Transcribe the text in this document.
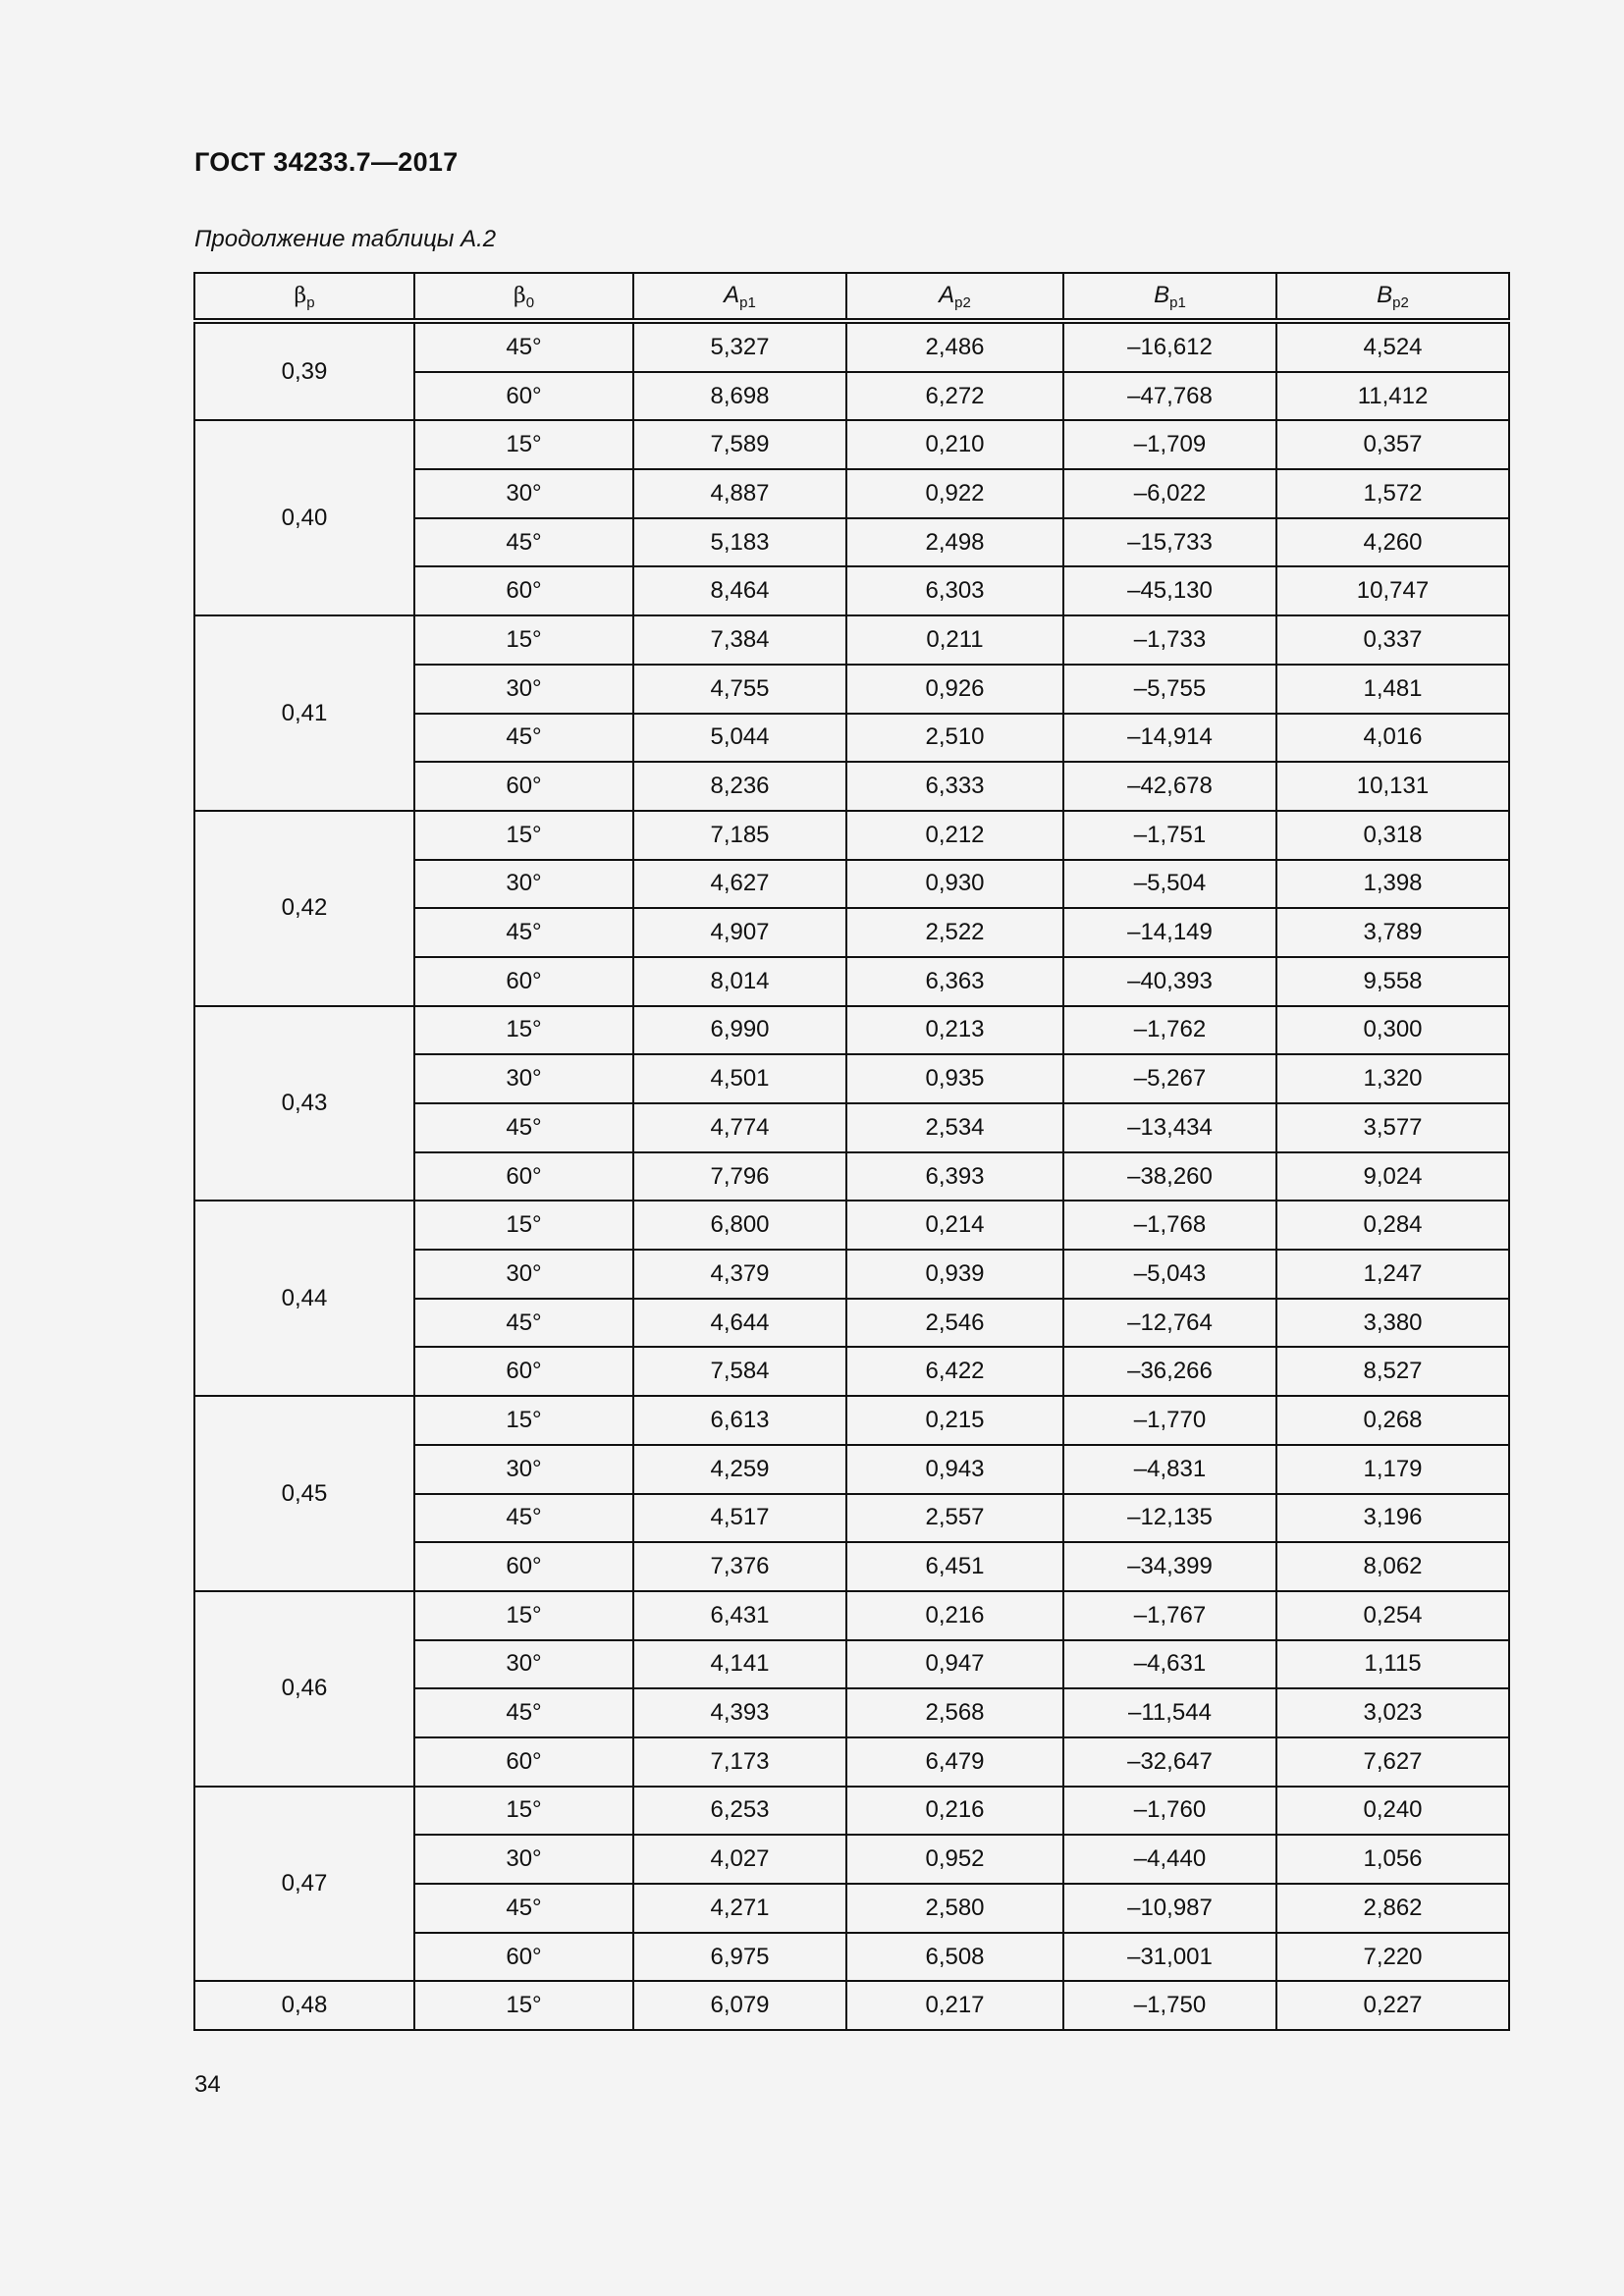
ГОСТ 34233.7—2017
Продолжение таблицы А.2
$\beta_p$	$\beta_0$	$A_{p1}$	$A_{p2}$	$B_{p1}$	$B_{p2}$
0,39	45°	5,327	2,486	–16,612	4,524
	60°	8,698	6,272	–47,768	11,412
0,40	15°	7,589	0,210	–1,709	0,357
	30°	4,887	0,922	–6,022	1,572
	45°	5,183	2,498	–15,733	4,260
	60°	8,464	6,303	–45,130	10,747
0,41	15°	7,384	0,211	–1,733	0,337
	30°	4,755	0,926	–5,755	1,481
	45°	5,044	2,510	–14,914	4,016
	60°	8,236	6,333	–42,678	10,131
0,42	15°	7,185	0,212	–1,751	0,318
	30°	4,627	0,930	–5,504	1,398
	45°	4,907	2,522	–14,149	3,789
	60°	8,014	6,363	–40,393	9,558
0,43	15°	6,990	0,213	–1,762	0,300
	30°	4,501	0,935	–5,267	1,320
	45°	4,774	2,534	–13,434	3,577
	60°	7,796	6,393	–38,260	9,024
0,44	15°	6,800	0,214	–1,768	0,284
	30°	4,379	0,939	–5,043	1,247
	45°	4,644	2,546	–12,764	3,380
	60°	7,584	6,422	–36,266	8,527
0,45	15°	6,613	0,215	–1,770	0,268
	30°	4,259	0,943	–4,831	1,179
	45°	4,517	2,557	–12,135	3,196
	60°	7,376	6,451	–34,399	8,062
0,46	15°	6,431	0,216	–1,767	0,254
	30°	4,141	0,947	–4,631	1,115
	45°	4,393	2,568	–11,544	3,023
	60°	7,173	6,479	–32,647	7,627
0,47	15°	6,253	0,216	–1,760	0,240
	30°	4,027	0,952	–4,440	1,056
	45°	4,271	2,580	–10,987	2,862
	60°	6,975	6,508	–31,001	7,220
0,48	15°	6,079	0,217	–1,750	0,227
34
